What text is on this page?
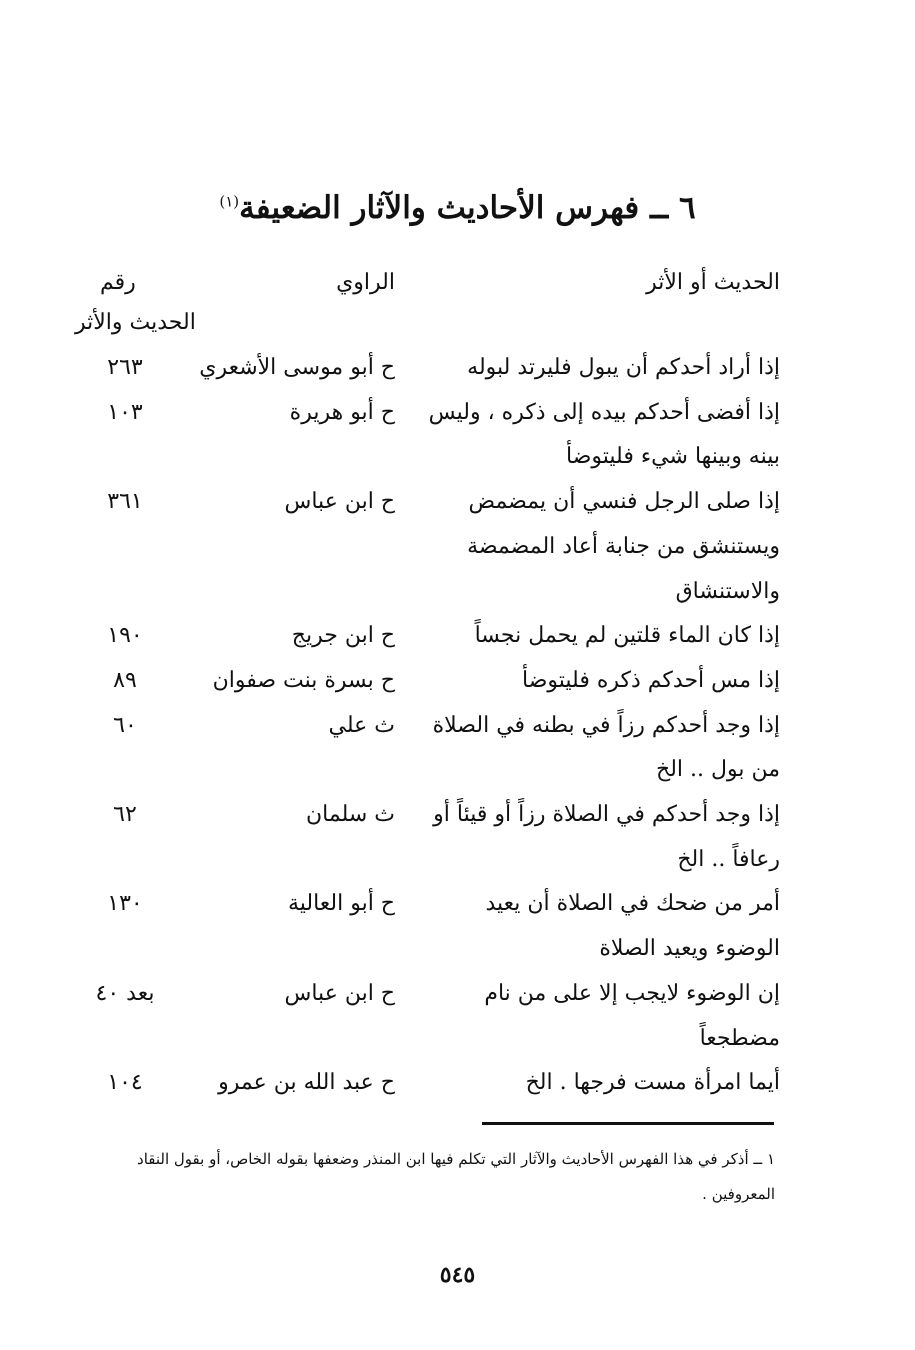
٦ ــ فهرس الأحاديث والآثار الضعيفة$^{(١)}$
الحديث أو الأثر
الراوي
رقم
الحديث والأثر
إذا أراد أحدكم أن يبول فليرتد لبوله
ح أبو موسى الأشعري
٢٦٣
إذا أفضى أحدكم بيده إلى ذكره ، وليس
ح أبو هريرة
١٠٣
بينه وبينها شيء فليتوضأ
إذا صلى الرجل فنسي أن يمضمض
ح ابن عباس
٣٦١
ويستنشق من جنابة أعاد المضمضة
والاستنشاق
إذا كان الماء قلتين لم يحمل نجساً
ح ابن جريج
١٩٠
إذا مس أحدكم ذكره فليتوضأ
ح بسرة بنت صفوان
٨٩
إذا وجد أحدكم رزاً في بطنه في الصلاة
ث علي
٦٠
من بول .. الخ
إذا وجد أحدكم في الصلاة رزاً أو قيئاً أو
ث سلمان
٦٢
رعافاً .. الخ
أمر من ضحك في الصلاة أن يعيد
ح أبو العالية
١٣٠
الوضوء ويعيد الصلاة
إن الوضوء لايجب إلا على من نام
ح ابن عباس
بعد ٤٠
مضطجعاً
أيما امرأة مست فرجها . الخ
ح عبد الله بن عمرو
١٠٤
١ ــ أذكر في هذا الفهرس الأحاديث والآثار التي تكلم فيها ابن المنذر وضعفها بقوله الخاص، أو بقول النقاد المعروفين .
٥٤٥
